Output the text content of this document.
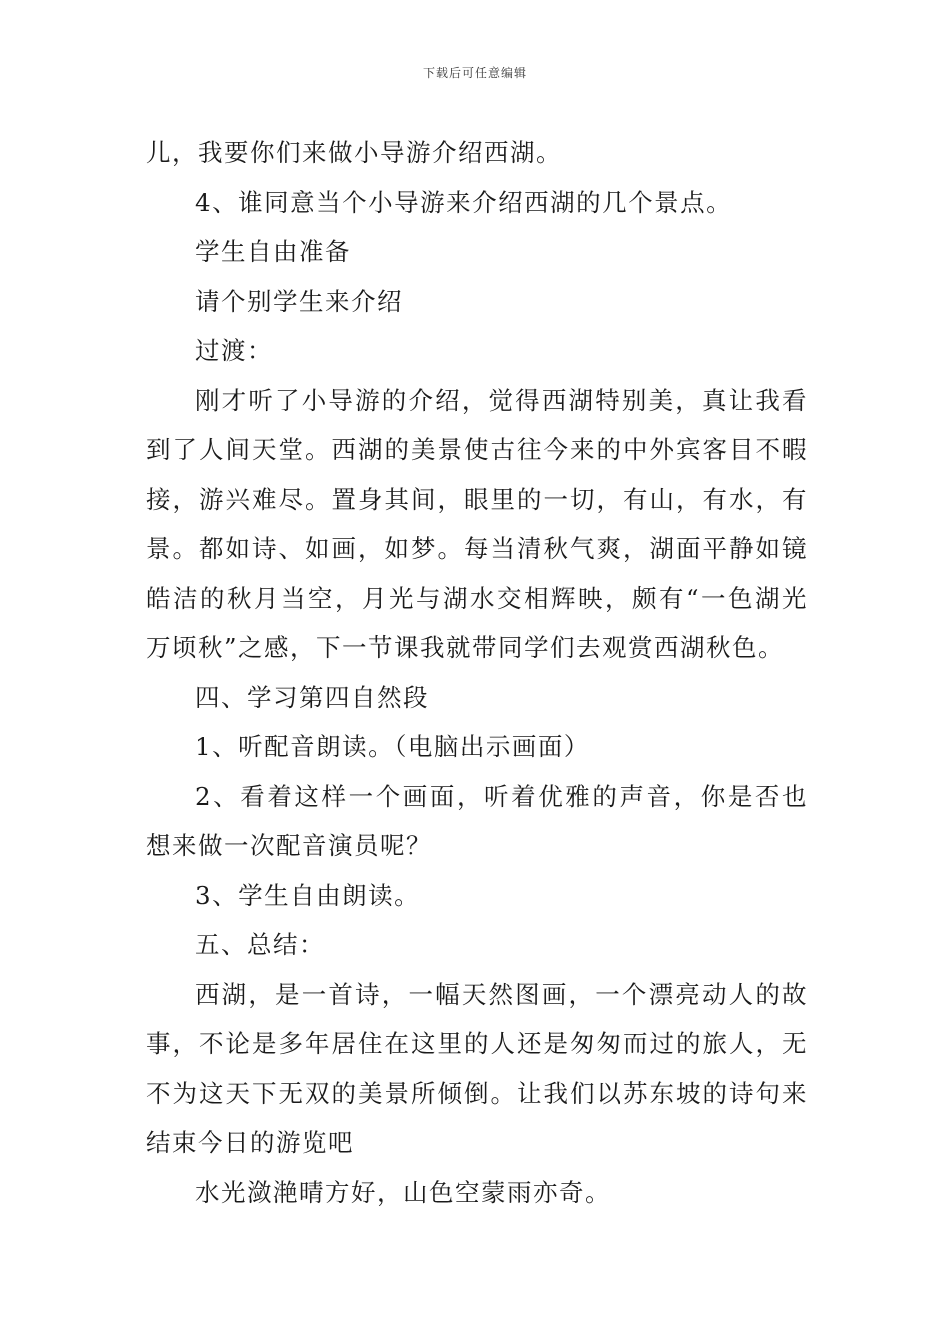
下载后可任意编辑

儿，我要你们来做小导游介绍西湖。

4、谁同意当个小导游来介绍西湖的几个景点。

学生自由准备

请个别学生来介绍

过渡：

刚才听了小导游的介绍，觉得西湖特别美，真让我看到了人间天堂。西湖的美景使古往今来的中外宾客目不暇接，游兴难尽。置身其间，眼里的一切，有山，有水，有景。都如诗、如画，如梦。每当清秋气爽，湖面平静如镜皓洁的秋月当空，月光与湖水交相辉映，颇有“一色湖光万顷秋”之感，下一节课我就带同学们去观赏西湖秋色。

四、学习第四自然段

1、听配音朗读。（电脑出示画面）

2、看着这样一个画面，听着优雅的声音，你是否也想来做一次配音演员呢？

3、学生自由朗读。

五、总结：

西湖，是一首诗，一幅天然图画，一个漂亮动人的故事，不论是多年居住在这里的人还是匆匆而过的旅人，无不为这天下无双的美景所倾倒。让我们以苏东坡的诗句来结束今日的游览吧

水光潋滟晴方好，山色空蒙雨亦奇。
